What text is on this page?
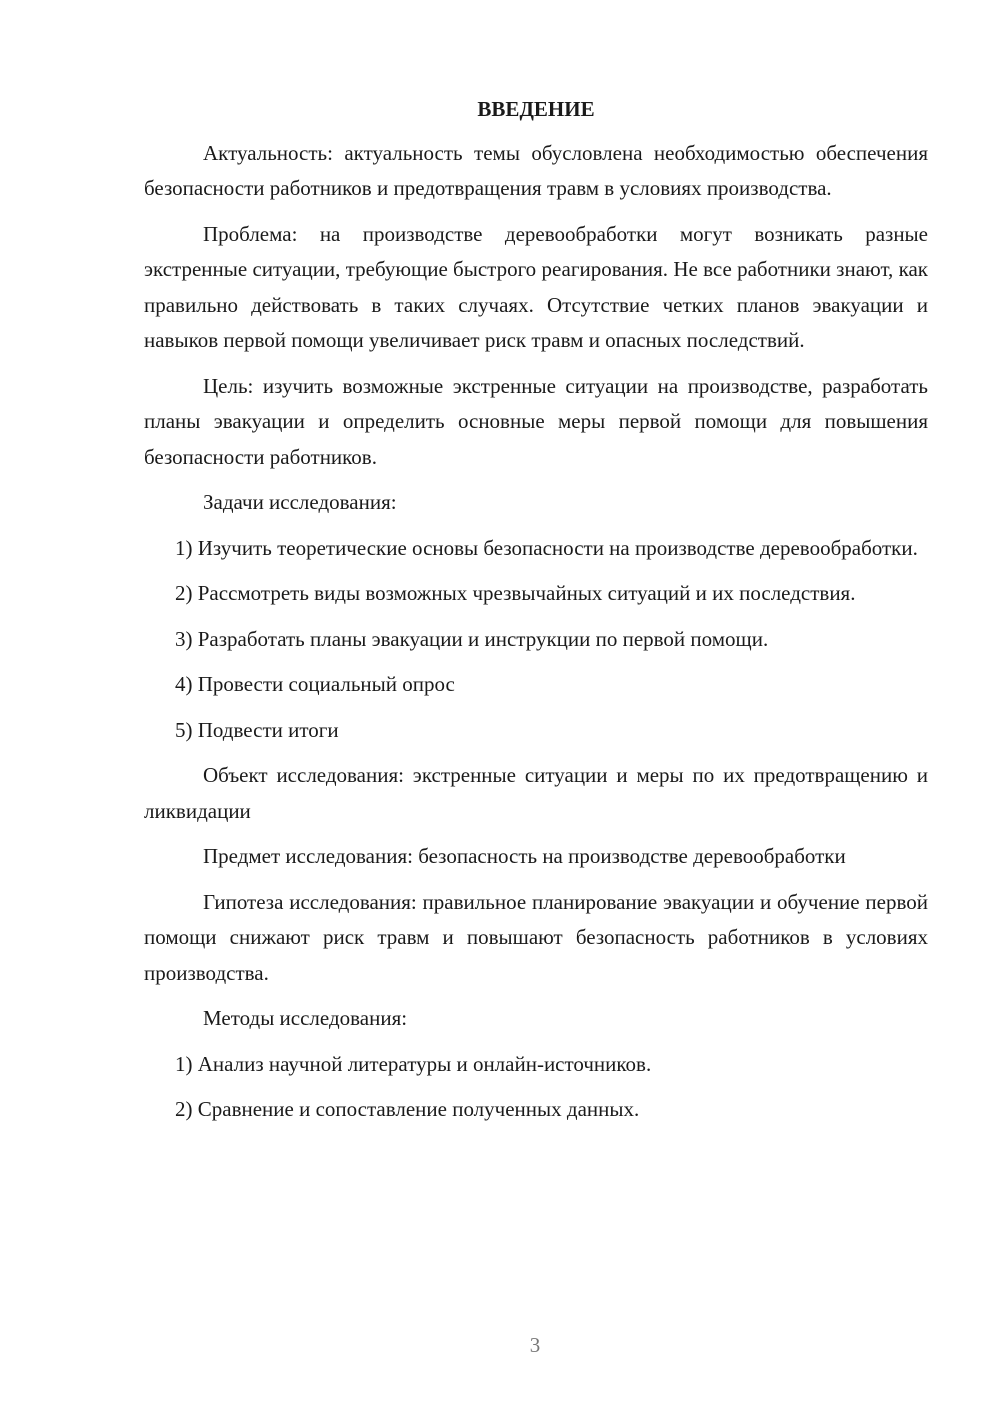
ВВЕДЕНИЕ

Актуальность: актуальность темы обусловлена необходимостью обеспечения безопасности работников и предотвращения травм в условиях производства.

Проблема: на производстве деревообработки могут возникать разные экстренные ситуации, требующие быстрого реагирования. Не все работники знают, как правильно действовать в таких случаях. Отсутствие четких планов эвакуации и навыков первой помощи увеличивает риск травм и опасных последствий.

Цель: изучить возможные экстренные ситуации на производстве, разработать планы эвакуации и определить основные меры первой помощи для повышения безопасности работников.

Задачи исследования:

1) Изучить теоретические основы безопасности на производстве деревообработки.

2) Рассмотреть виды возможных чрезвычайных ситуаций и их последствия.

3) Разработать планы эвакуации и инструкции по первой помощи.

4) Провести социальный опрос

5) Подвести итоги

Объект исследования: экстренные ситуации и меры по их предотвращению и ликвидации

Предмет исследования: безопасность на производстве деревообработки

Гипотеза исследования: правильное планирование эвакуации и обучение первой помощи снижают риск травм и повышают безопасность работников в условиях производства.

Методы исследования:

1) Анализ научной литературы и онлайн-источников.

2) Сравнение и сопоставление полученных данных.

3
